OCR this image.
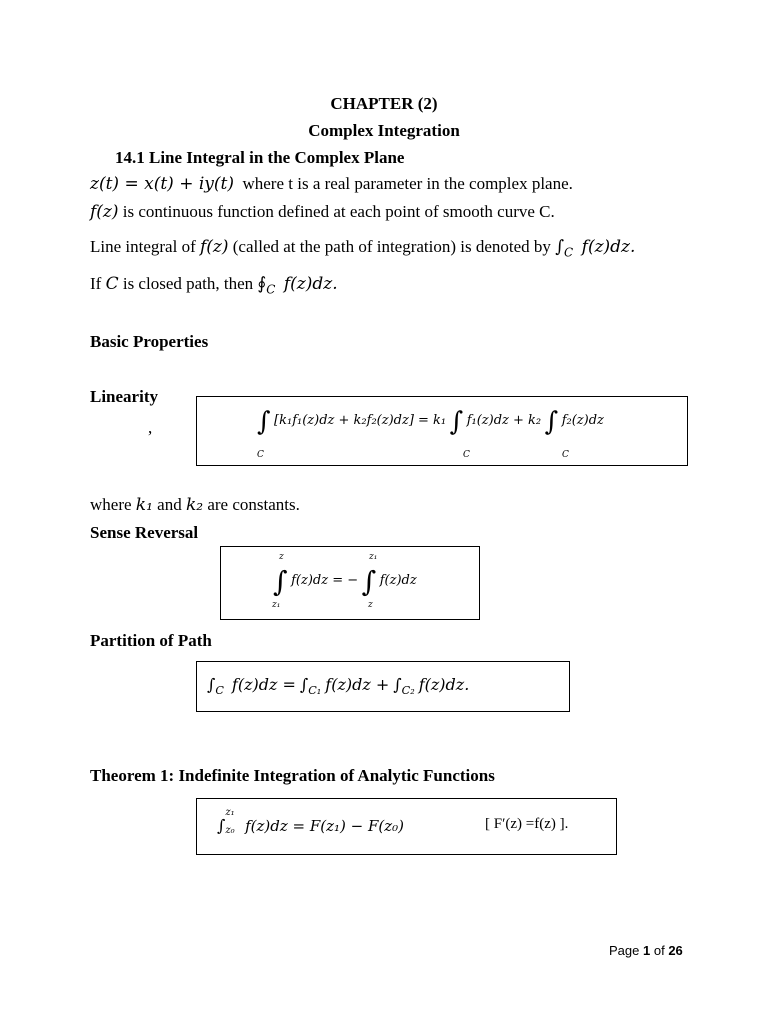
CHAPTER (2)
Complex Integration
14.1 Line Integral in the Complex Plane
z(t) = x(t) + iy(t) where t is a real parameter in the complex plane.
f(z) is continuous function defined at each point of smooth curve C.
Line integral of f(z) (called at the path of integration) is denoted by $\int_C$ f(z)dz.
If C is closed path, then $∮_C$ f(z)dz.
Basic Properties
Linearity
,	∫ [k₁f₁(z)dz + k₂f₂(z)dz] = k₁ ∫ f₁(z)dz + k₂ ∫ f₂(z)dz
C	C	C
where k₁ and k₂ are constants.
Sense Reversal
z
z₁
z₁
z
∫ f(z)dz = − ∫ f(z)dz
Partition of Path
$\int_C$ $f(z)dz = \int_{C_1}$ $f(z)dz + \int_{C_2}$ f(z)dz.
Theorem 1: Indefinite Integration of Analytic Functions
∫
z₁
z₀ f(z)dz = F(z₁) − F(z₀)	[ F′(z) =f(z) ].
Page 1 of 26
